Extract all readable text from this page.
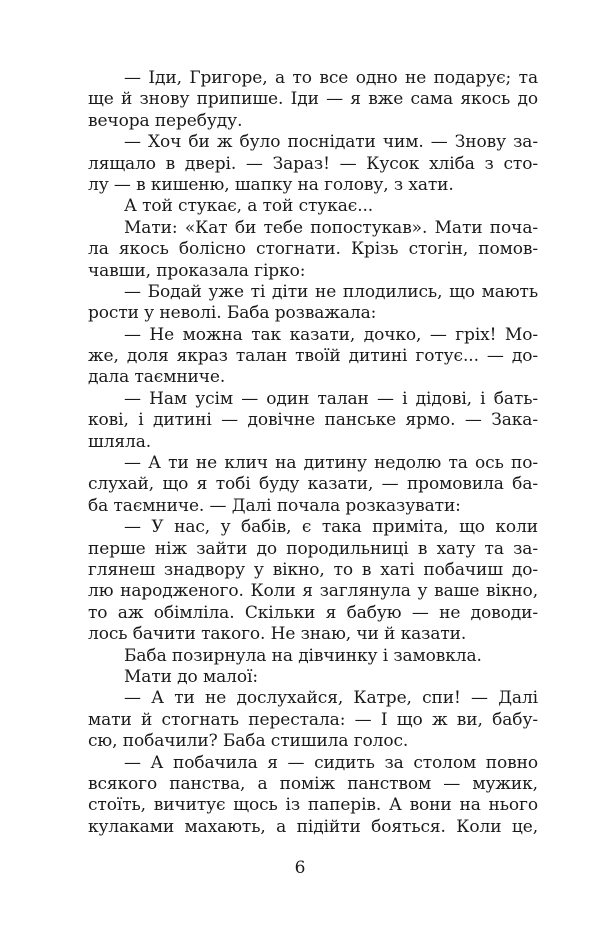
— Іди, Григоре, а то все одно не подарує; та
ще й знову припише. Іди — я вже сама якось до
вечора перебуду.
— Хоч би ж було поснідати чим. — Знову за-
лящало в двері. — Зараз! — Кусок хліба з сто-
лу — в кишеню, шапку на голову, з хати.
А той стукає, а той стукає...
Мати: «Кат би тебе попостукав». Мати поча-
ла якось болісно стогнати. Крізь стогін, помов-
чавши, проказала гірко:
— Бодай уже ті діти не плодились, що мають
рости у неволі. Баба розважала:
— Не можна так казати, дочко, — гріх! Мо-
же, доля якраз талан твоїй дитині готує... — до-
дала таємниче.
— Нам усім — один талан — і дідові, і бать-
кові, і дитині — довічне панське ярмо. — Зака-
шляла.
— А ти не клич на дитину недолю та ось по-
слухай, що я тобі буду казати, — промовила ба-
ба таємниче. — Далі почала розказувати:
— У нас, у бабів, є така приміта, що коли
перше ніж зайти до породильниці в хату та за-
глянеш знадвору у вікно, то в хаті побачиш до-
лю народженого. Коли я заглянула у ваше вікно,
то аж обімліла. Скільки я бабую — не доводи-
лось бачити такого. Не знаю, чи й казати.
Баба позирнула на дівчинку і замовкла.
Мати до малої:
— А ти не дослухайся, Катре, спи! — Далі
мати й стогнать перестала: — І що ж ви, бабу-
сю, побачили? Баба стишила голос.
— А побачила я — сидить за столом повно
всякого панства, а поміж панством — мужик,
стоїть, вичитує щось із паперів. А вони на нього
кулаками махають, а підійти бояться. Коли це,
6
